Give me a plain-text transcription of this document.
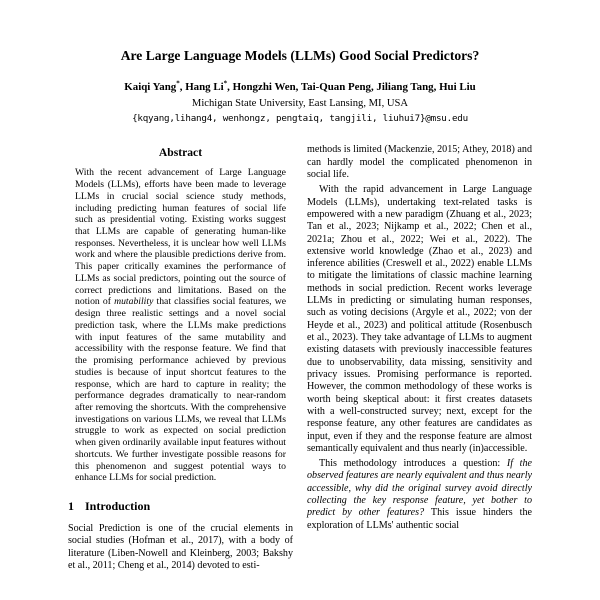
Are Large Language Models (LLMs) Good Social Predictors?
Kaiqi Yang*, Hang Li*, Hongzhi Wen, Tai-Quan Peng, Jiliang Tang, Hui Liu
Michigan State University, East Lansing, MI, USA
{kqyang,lihang4, wenhongz, pengtaiq, tangjili, liuhui7}@msu.edu
Abstract

With the recent advancement of Large Language Models (LLMs), efforts have been made to leverage LLMs in crucial social science study methods, including predicting human features of social life such as presidential voting. Existing works suggest that LLMs are capable of generating human-like responses. Nevertheless, it is unclear how well LLMs work and where the plausible predictions derive from. This paper critically examines the performance of LLMs as social predictors, pointing out the source of correct predictions and limitations. Based on the notion of mutability that classifies social features, we design three realistic settings and a novel social prediction task, where the LLMs make predictions with input features of the same mutability and accessibility with the response feature. We find that the promising performance achieved by previous studies is because of input shortcut features to the response, which are hard to capture in reality; the performance degrades dramatically to near-random after removing the shortcuts. With the comprehensive investigations on various LLMs, we reveal that LLMs struggle to work as expected on social prediction when given ordinarily available input features without shortcuts. We further investigate possible reasons for this phenomenon and suggest potential ways to enhance LLMs for social prediction.

1 Introduction

Social Prediction is one of the crucial elements in social studies (Hofman et al., 2017), with a body of literature (Liben-Nowell and Kleinberg, 2003; Bakshy et al., 2011; Cheng et al., 2014) devoted to esti-

methods is limited (Mackenzie, 2015; Athey, 2018) and can hardly model the complicated phenomenon in social life.

With the rapid advancement in Large Language Models (LLMs), undertaking text-related tasks is empowered with a new paradigm (Zhuang et al., 2023; Tan et al., 2023; Nijkamp et al., 2022; Chen et al., 2021a; Zhou et al., 2022; Wei et al., 2022). The extensive world knowledge (Zhao et al., 2023) and inference abilities (Creswell et al., 2022) enable LLMs to mitigate the limitations of classic machine learning methods in social prediction. Recent works leverage LLMs in predicting or simulating human responses, such as voting decisions (Argyle et al., 2022; von der Heyde et al., 2023) and political attitude (Rosenbusch et al., 2023). They take advantage of LLMs to augment existing datasets with previously inaccessible features due to unobservability, data missing, sensitivity and privacy issues. Promising performance is reported. However, the common methodology of these works is worth being skeptical about: it first creates datasets with a well-constructed survey; next, except for the response feature, any other features are candidates as input, even if they and the response feature are almost semantically equivalent and thus nearly (in)accessible.

This methodology introduces a question: If the observed features are nearly equivalent and thus nearly accessible, why did the original survey avoid directly collecting the key response feature, yet bother to predict by other features? This issue hinders the exploration of LLMs' authentic social
